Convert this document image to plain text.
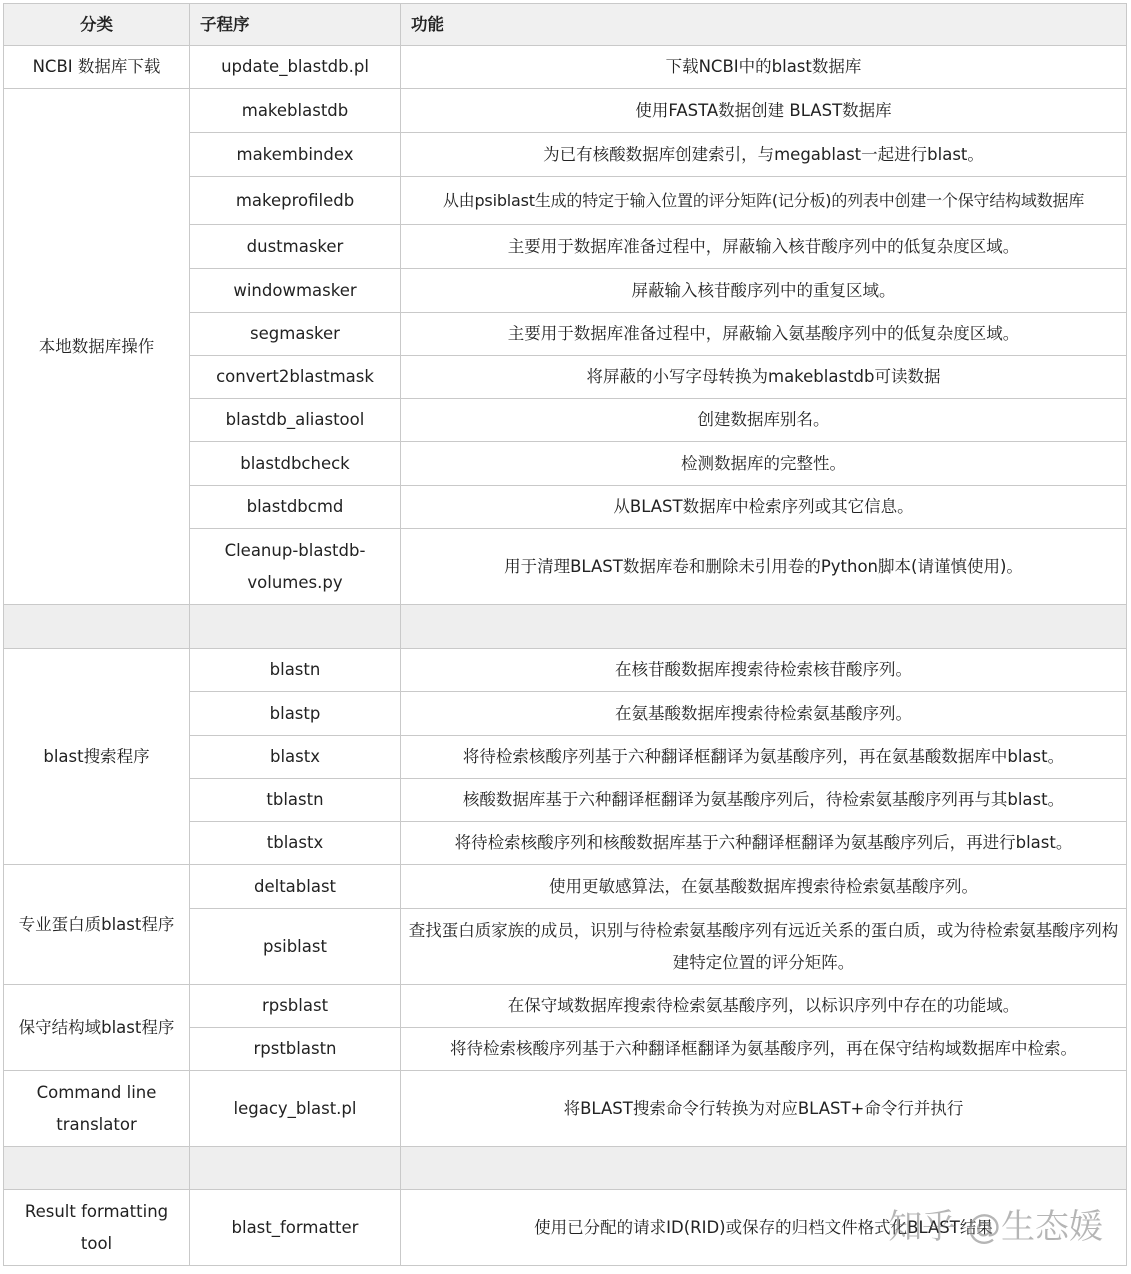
分类	子程序	功能
NCBI 数据库下载	update_blastdb.pl	下载NCBI中的blast数据库
本地数据库操作	makeblastdb	使用FASTA数据创建 BLAST数据库
	makembindex	为已有核酸数据库创建索引，与megablast一起进行blast。
	makeprofiledb	从由psiblast生成的特定于输入位置的评分矩阵(记分板)的列表中创建一个保守结构域数据库
	dustmasker	主要用于数据库准备过程中，屏蔽输入核苷酸序列中的低复杂度区域。
	windowmasker	屏蔽输入核苷酸序列中的重复区域。
	segmasker	主要用于数据库准备过程中，屏蔽输入氨基酸序列中的低复杂度区域。
	convert2blastmask	将屏蔽的小写字母转换为makeblastdb可读数据
	blastdb_aliastool	创建数据库别名。
	blastdbcheck	检测数据库的完整性。
	blastdbcmd	从BLAST数据库中检索序列或其它信息。
	Cleanup-blastdb-volumes.py	用于清理BLAST数据库卷和删除未引用卷的Python脚本(请谨慎使用)。

blast搜索程序	blastn	在核苷酸数据库搜索待检索核苷酸序列。
	blastp	在氨基酸数据库搜索待检索氨基酸序列。
	blastx	将待检索核酸序列基于六种翻译框翻译为氨基酸序列，再在氨基酸数据库中blast。
	tblastn	核酸数据库基于六种翻译框翻译为氨基酸序列后，待检索氨基酸序列再与其blast。
	tblastx	将待检索核酸序列和核酸数据库基于六种翻译框翻译为氨基酸序列后，再进行blast。
专业蛋白质blast程序	deltablast	使用更敏感算法，在氨基酸数据库搜索待检索氨基酸序列。
	psiblast	查找蛋白质家族的成员，识别与待检索氨基酸序列有远近关系的蛋白质，或为待检索氨基酸序列构建特定位置的评分矩阵。
保守结构域blast程序	rpsblast	在保守域数据库搜索待检索氨基酸序列，以标识序列中存在的功能域。
	rpstblastn	将待检索核酸序列基于六种翻译框翻译为氨基酸序列，再在保守结构域数据库中检索。
Command line translator	legacy_blast.pl	将BLAST搜索命令行转换为对应BLAST+命令行并执行

Result formatting tool	blast_formatter	使用已分配的请求ID(RID)或保存的归档文件格式化BLAST结果
知乎 @生态媛
